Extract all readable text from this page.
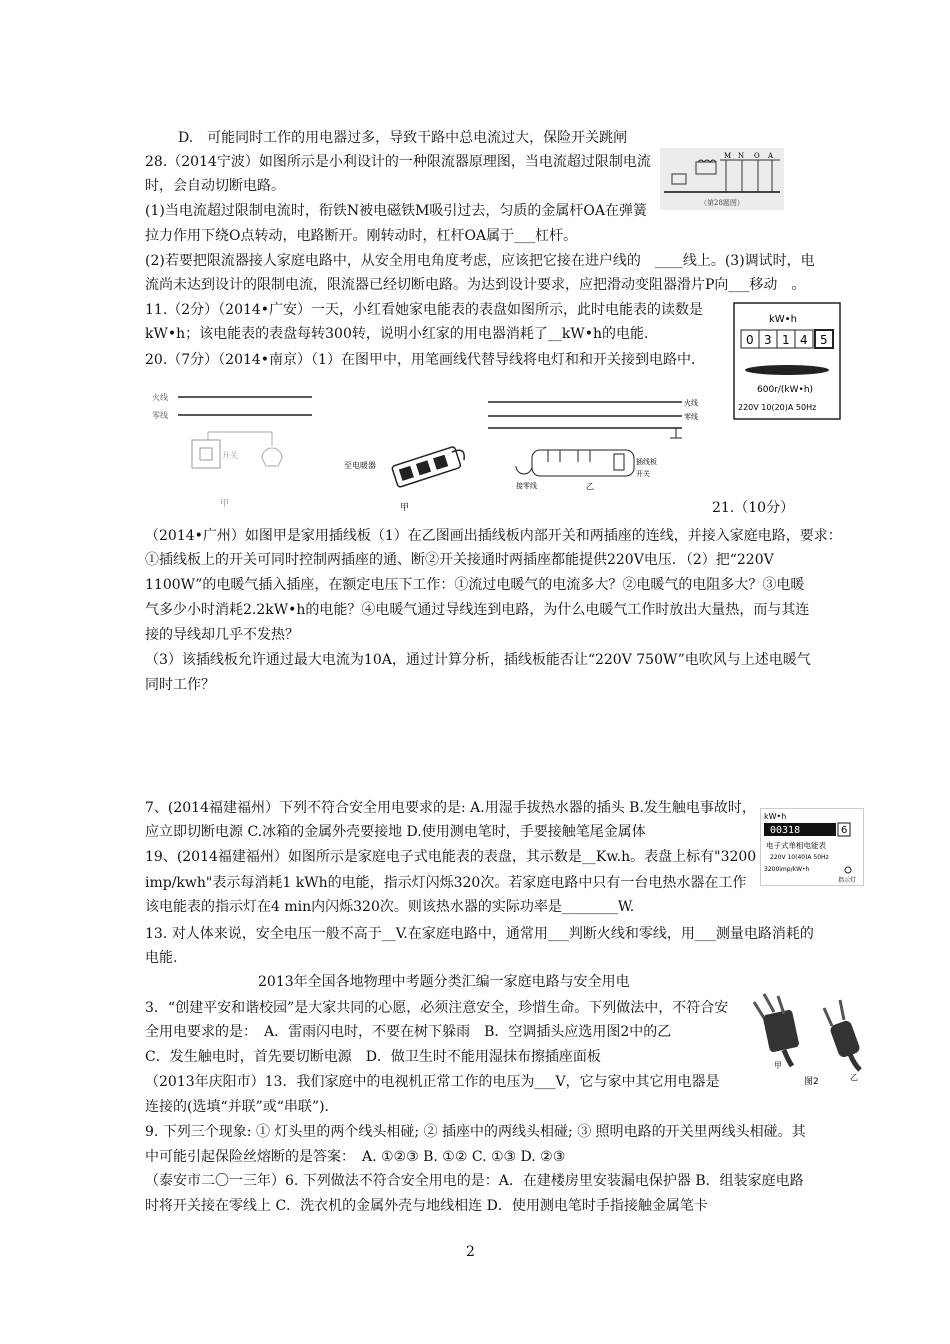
D.　可能同时工作的用电器过多，导致干路中总电流过大，保险开关跳闸
28.（2014宁波）如图所示是小利设计的一种限流器原理图，当电流超过限制电流
时，会自动切断电路。
(1)当电流超过限制电流时，衔铁N被电磁铁M吸引过去，匀质的金属杆OA在弹簧
拉力作用下绕O点转动，电路断开。刚转动时，杠杆OA属于___杠杆。
(2)若要把限流器接人家庭电路中，从安全用电角度考虑，应该把它接在进户线的　____线上。(3)调试时，电
流尚未达到设计的限制电流，限流器已经切断电路。为达到设计要求，应把滑动变阻器滑片P向___移动　。
11.（2分）（2014•广安）一天，小红看她家电能表的表盘如图所示，此时电能表的读数是
kW•h；该电能表的表盘每转300转，说明小红家的用电器消耗了__kW•h的电能．
20.（7分）（2014•南京）（1）在图甲中，用笔画线代替导线将电灯和和开关接到电路中．
21.（10分）
（2014•广州）如图甲是家用插线板（1）在乙图画出插线板内部开关和两插座的连线，并接入家庭电路，要求：
①插线板上的开关可同时控制两插座的通、断②开关接通时两插座都能提供220V电压．（2）把“220V
1100W”的电暖气插入插座，在额定电压下工作：①流过电暖气的电流多大？②电暖气的电阻多大？③电暖
气多少小时消耗2.2kW•h的电能？④电暖气通过导线连到电路，为什么电暖气工作时放出大量热，而与其连
接的导线却几乎不发热？
（3）该插线板允许通过最大电流为10A，通过计算分析，插线板能否让“220V 750W”电吹风与上述电暖气
同时工作？
7、(2014福建福州）下列不符合安全用电要求的是: A.用湿手拔热水器的插头 B.发生触电事故时，
应立即切断电源 C.冰箱的金属外壳要接地 D.使用测电笔时，手要接触笔尾金属体
19、(2014福建福州）如图所示是家庭电子式电能表的表盘，其示数是__Kw.h。表盘上标有"3200
imp/kwh"表示每消耗1 kWh的电能，指示灯闪烁320次。若家庭电路中只有一台电热水器在工作
该电能表的指示灯在4 min内闪烁320次。则该热水器的实际功率是________W.
13. 对人体来说，安全电压一般不高于__V.在家庭电路中，通常用___判断火线和零线，用___测量电路消耗的
电能.
2013年全国各地物理中考题分类汇编一家庭电路与安全用电
3．“创建平安和谐校园”是大家共同的心愿，必须注意安全，珍惜生命。下列做法中，不符合安
全用电要求的是：　A．雷雨闪电时，不要在树下躲雨　B．空调插头应选用图2中的乙
C．发生触电时，首先要切断电源　D．做卫生时不能用湿抹布擦插座面板
（2013年庆阳市）13．我们家庭中的电视机正常工作的电压为___V，它与家中其它用电器是
连接的(选填“并联”或“串联”).
9. 下列三个现象: ① 灯头里的两个线头相碰; ② 插座中的两线头相碰; ③ 照明电路的开关里两线头相碰。其
中可能引起保险丝熔断的是答案：　A. ①②③ B. ①② C. ①③ D. ②③
（泰安市二〇一三年）6. 下列做法不符合安全用电的是：A．在建楼房里安装漏电保护器 B．组装家庭电路
时将开关接在零线上 C．洗衣机的金属外壳与地线相连 D．使用测电笔时手指接触金属笔卡
M N O A
（第28题图）
kW•h
0 3 1 4 5
600r/(kW•h)
220V 10(20)A 50Hz
火线
零线
开关
甲
至电暖器
甲
火线
零线
插线板
开关
接零线	乙
kW•h
00318	6
电子式单相电能表
220V 10(40)A 50Hz
3200imp/kW•h
指示灯
甲
乙
图2
2
